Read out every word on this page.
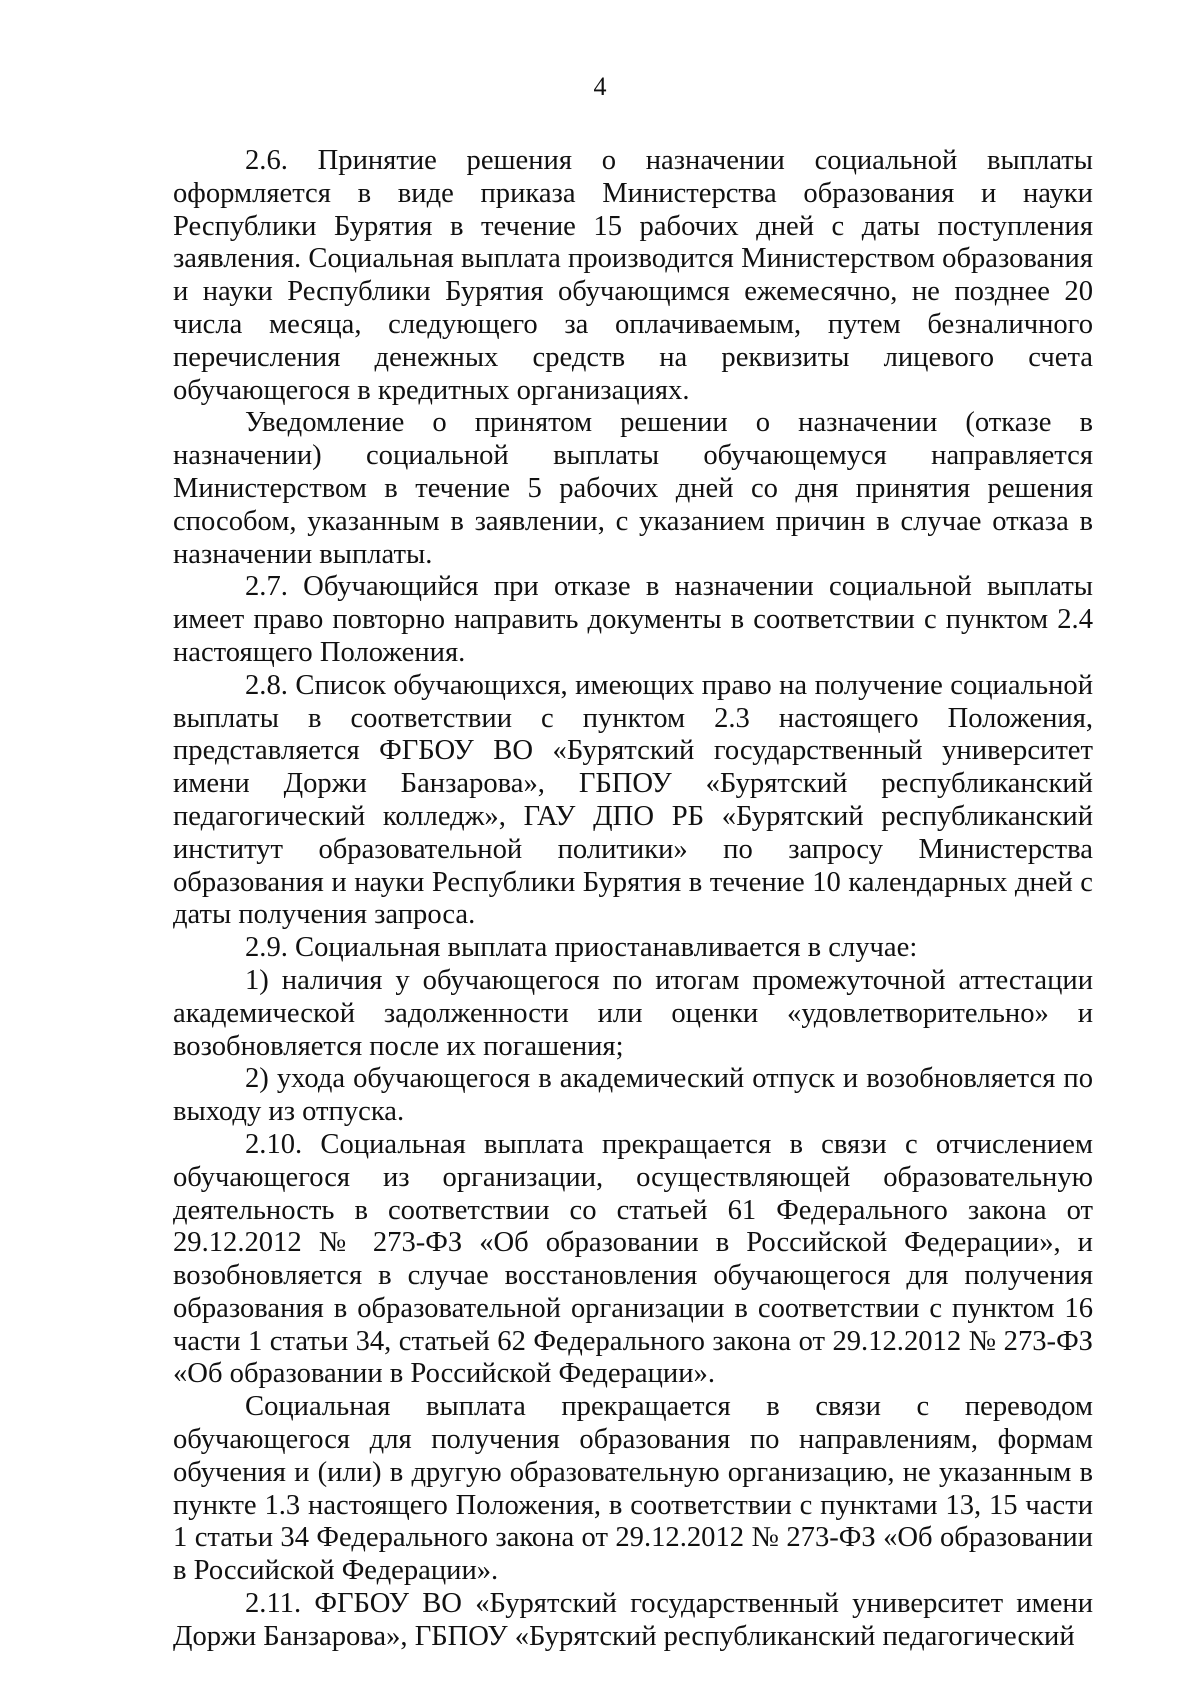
4

2.6. Принятие решения о назначении социальной выплаты оформляется в виде приказа Министерства образования и науки Республики Бурятия в течение 15 рабочих дней с даты поступления заявления. Социальная выплата производится Министерством образования и науки Республики Бурятия обучающимся ежемесячно, не позднее 20 числа месяца, следующего за оплачиваемым, путем безналичного перечисления денежных средств на реквизиты лицевого счета обучающегося в кредитных организациях.

Уведомление о принятом решении о назначении (отказе в назначении) социальной выплаты обучающемуся направляется Министерством в течение 5 рабочих дней со дня принятия решения способом, указанным в заявлении, с указанием причин в случае отказа в назначении выплаты.

2.7. Обучающийся при отказе в назначении социальной выплаты имеет право повторно направить документы в соответствии с пунктом 2.4 настоящего Положения.

2.8. Список обучающихся, имеющих право на получение социальной выплаты в соответствии с пунктом 2.3 настоящего Положения, представляется ФГБОУ ВО «Бурятский государственный университет имени Доржи Банзарова», ГБПОУ «Бурятский республиканский педагогический колледж», ГАУ ДПО РБ «Бурятский республиканский институт образовательной политики» по запросу Министерства образования и науки Республики Бурятия в течение 10 календарных дней с даты получения запроса.

2.9. Социальная выплата приостанавливается в случае:

1) наличия у обучающегося по итогам промежуточной аттестации академической задолженности или оценки «удовлетворительно» и возобновляется после их погашения;

2) ухода обучающегося в академический отпуск и возобновляется по выходу из отпуска.

2.10. Социальная выплата прекращается в связи с отчислением обучающегося из организации, осуществляющей образовательную деятельность в соответствии со статьей 61 Федерального закона от 29.12.2012 № 273-ФЗ «Об образовании в Российской Федерации», и возобновляется в случае восстановления обучающегося для получения образования в образовательной организации в соответствии с пунктом 16 части 1 статьи 34, статьей 62 Федерального закона от 29.12.2012 № 273-ФЗ «Об образовании в Российской Федерации».

Социальная выплата прекращается в связи с переводом обучающегося для получения образования по направлениям, формам обучения и (или) в другую образовательную организацию, не указанным в пункте 1.3 настоящего Положения, в соответствии с пунктами 13, 15 части 1 статьи 34 Федерального закона от 29.12.2012 № 273-ФЗ «Об образовании в Российской Федерации».

2.11. ФГБОУ ВО «Бурятский государственный университет имени Доржи Банзарова», ГБПОУ «Бурятский республиканский педагогический
